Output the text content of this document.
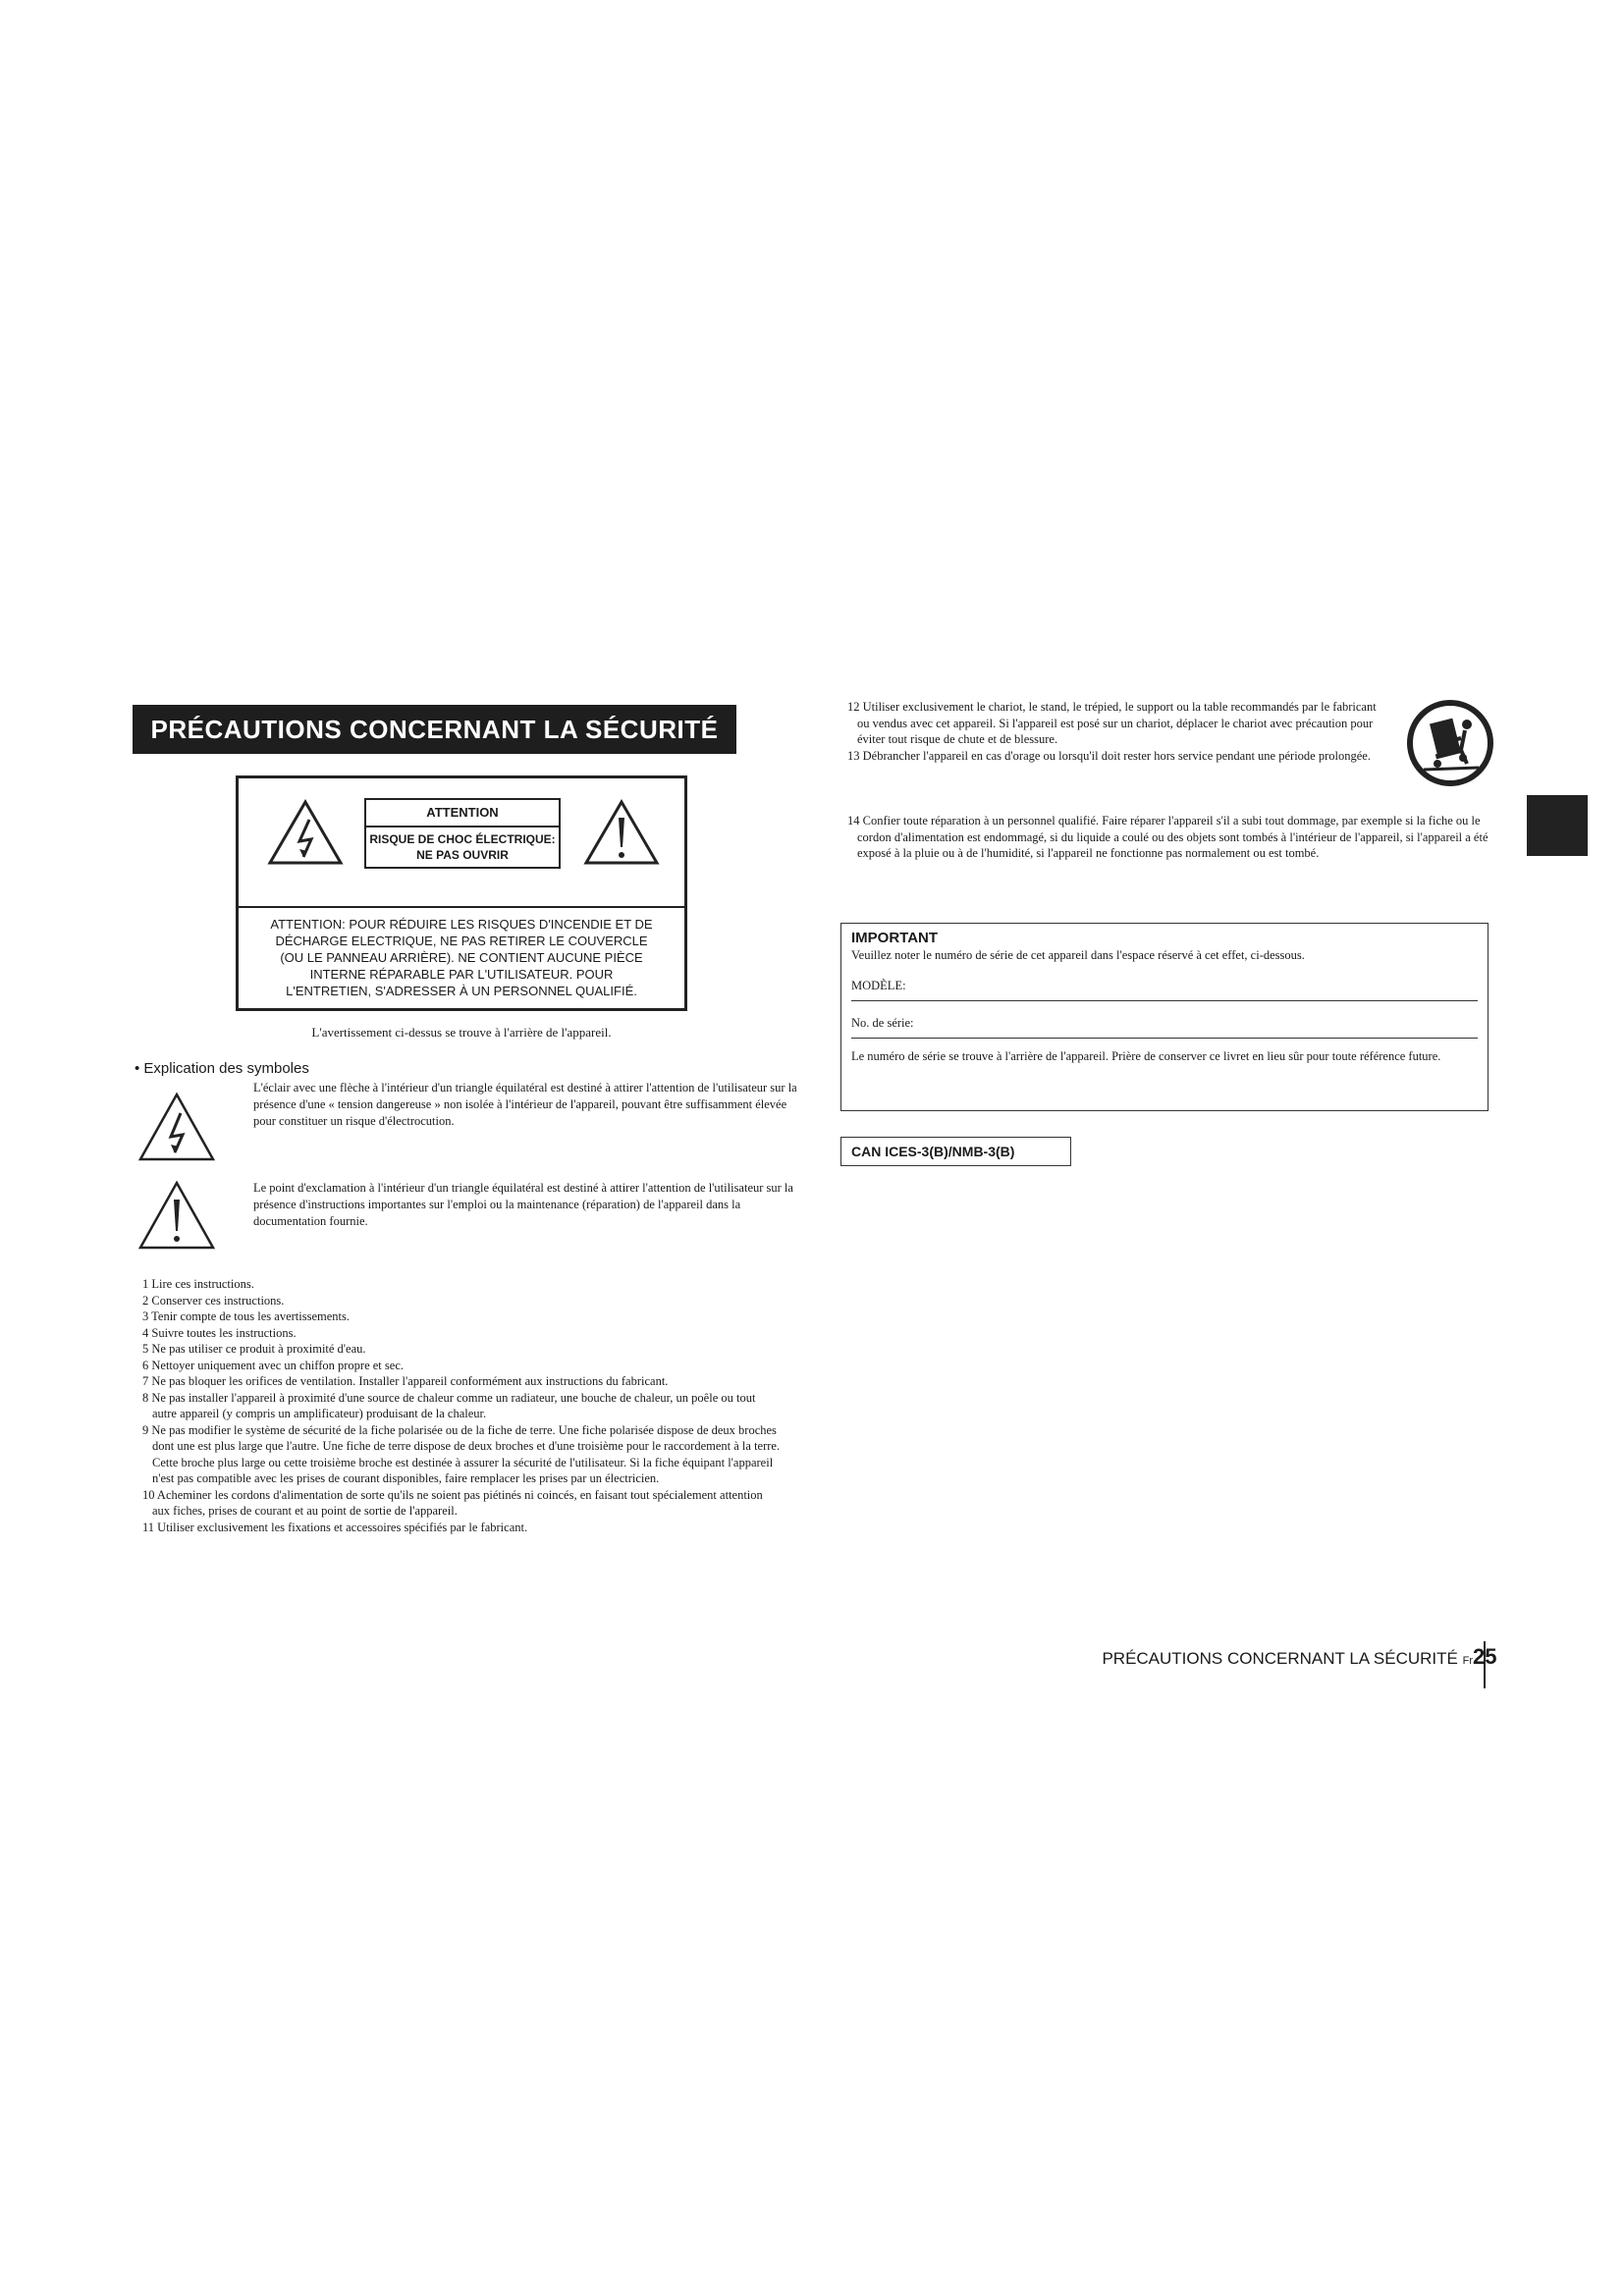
PRÉCAUTIONS CONCERNANT LA SÉCURITÉ
ATTENTION
RISQUE DE CHOC ÉLECTRIQUE:
NE PAS OUVRIR
ATTENTION: POUR RÉDUIRE LES RISQUES D'INCENDIE ET DE
DÉCHARGE ELECTRIQUE, NE PAS RETIRER LE COUVERCLE
(OU LE PANNEAU ARRIÈRE). NE CONTIENT AUCUNE PIÈCE
INTERNE RÉPARABLE PAR L'UTILISATEUR. POUR
L'ENTRETIEN, S'ADRESSER À UN PERSONNEL QUALIFIÉ.
L'avertissement ci-dessus se trouve à l'arrière de l'appareil.
• Explication des symboles
L'éclair avec une flèche à l'intérieur d'un triangle équilatéral est destiné à attirer l'attention de l'utilisateur sur la présence d'une « tension dangereuse » non isolée à l'intérieur de l'appareil, pouvant être suffisamment élevée pour constituer un risque d'électrocution.
Le point d'exclamation à l'intérieur d'un triangle équilatéral est destiné à attirer l'attention de l'utilisateur sur la présence d'instructions importantes sur l'emploi ou la maintenance (réparation) de l'appareil dans la documentation fournie.
1 Lire ces instructions.
2 Conserver ces instructions.
3 Tenir compte de tous les avertissements.
4 Suivre toutes les instructions.
5 Ne pas utiliser ce produit à proximité d'eau.
6 Nettoyer uniquement avec un chiffon propre et sec.
7 Ne pas bloquer les orifices de ventilation. Installer l'appareil conformément aux instructions du fabricant.
8 Ne pas installer l'appareil à proximité d'une source de chaleur comme un radiateur, une bouche de chaleur, un poêle ou tout autre appareil (y compris un amplificateur) produisant de la chaleur.
9 Ne pas modifier le système de sécurité de la fiche polarisée ou de la fiche de terre. Une fiche polarisée dispose de deux broches dont une est plus large que l'autre. Une fiche de terre dispose de deux broches et d'une troisième pour le raccordement à la terre. Cette broche plus large ou cette troisième broche est destinée à assurer la sécurité de l'utilisateur. Si la fiche équipant l'appareil n'est pas compatible avec les prises de courant disponibles, faire remplacer les prises par un électricien.
10 Acheminer les cordons d'alimentation de sorte qu'ils ne soient pas piétinés ni coincés, en faisant tout spécialement attention aux fiches, prises de courant et au point de sortie de l'appareil.
11 Utiliser exclusivement les fixations et accessoires spécifiés par le fabricant.
12 Utiliser exclusivement le chariot, le stand, le trépied, le support ou la table recommandés par le fabricant ou vendus avec cet appareil. Si l'appareil est posé sur un chariot, déplacer le chariot avec précaution pour éviter tout risque de chute et de blessure.
13 Débrancher l'appareil en cas d'orage ou lorsqu'il doit rester hors service pendant une période prolongée.
14 Confier toute réparation à un personnel qualifié. Faire réparer l'appareil s'il a subi tout dommage, par exemple si la fiche ou le cordon d'alimentation est endommagé, si du liquide a coulé ou des objets sont tombés à l'intérieur de l'appareil, si l'appareil a été exposé à la pluie ou à de l'humidité, si l'appareil ne fonctionne pas normalement ou est tombé.
IMPORTANT
Veuillez noter le numéro de série de cet appareil dans l'espace réservé à cet effet, ci-dessous.
MODÈLE:
No. de série:
Le numéro de série se trouve à l'arrière de l'appareil. Prière de conserver ce livret en lieu sûr pour toute référence future.
CAN ICES-3(B)/NMB-3(B)
PRÉCAUTIONS CONCERNANT LA SÉCURITÉ Fr 25
